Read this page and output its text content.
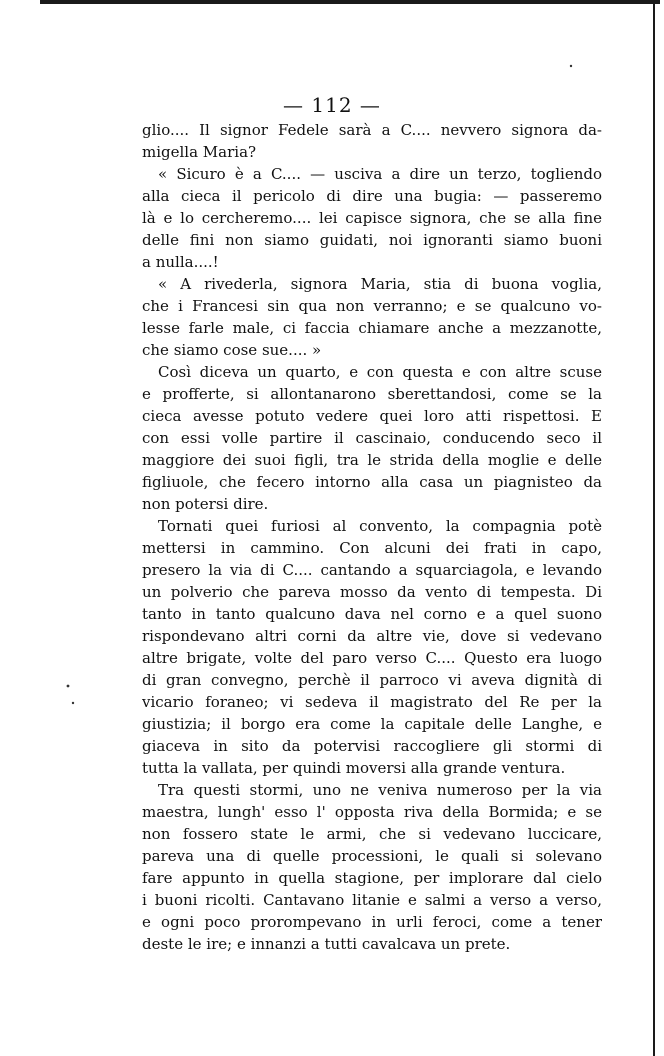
— 112 —
glio.... Il signor Fedele sarà a C.... nevvero signora da-
migella Maria?
« Sicuro è a C.... — usciva a dire un terzo, togliendo
alla cieca il pericolo di dire una bugia: — passeremo
là e lo cercheremo.... lei capisce signora, che se alla fine
delle fini non siamo guidati, noi ignoranti siamo buoni
a nulla....!
« A rivederla, signora Maria, stia di buona voglia,
che i Francesi sin qua non verranno; e se qualcuno vo-
lesse farle male, ci faccia chiamare anche a mezzanotte,
che siamo cose sue.... »
Così diceva un quarto, e con questa e con altre scuse
e profferte, si allontanarono sberettandosi, come se la
cieca avesse potuto vedere quei loro atti rispettosi. E
con essi volle partire il cascinaio, conducendo seco il
maggiore dei suoi figli, tra le strida della moglie e delle
figliuole, che fecero intorno alla casa un piagnisteo da
non potersi dire.
Tornati quei furiosi al convento, la compagnia potè
mettersi in cammino. Con alcuni dei frati in capo,
presero la via di C.... cantando a squarciagola, e levando
un polverio che pareva mosso da vento di tempesta. Di
tanto in tanto qualcuno dava nel corno e a quel suono
rispondevano altri corni da altre vie, dove si vedevano
altre brigate, volte del paro verso C.... Questo era luogo
di gran convegno, perchè il parroco vi aveva dignità di
vicario foraneo; vi sedeva il magistrato del Re per la
giustizia; il borgo era come la capitale delle Langhe, e
giaceva in sito da potervisi raccogliere gli stormi di
tutta la vallata, per quindi moversi alla grande ventura.
Tra questi stormi, uno ne veniva numeroso per la via
maestra, lungh' esso l' opposta riva della Bormida; e se
non fossero state le armi, che si vedevano luccicare,
pareva una di quelle processioni, le quali si solevano
fare appunto in quella stagione, per implorare dal cielo
i buoni ricolti. Cantavano litanie e salmi a verso a verso,
e ogni poco prorompevano in urli feroci, come a tener
deste le ire; e innanzi a tutti cavalcava un prete.
